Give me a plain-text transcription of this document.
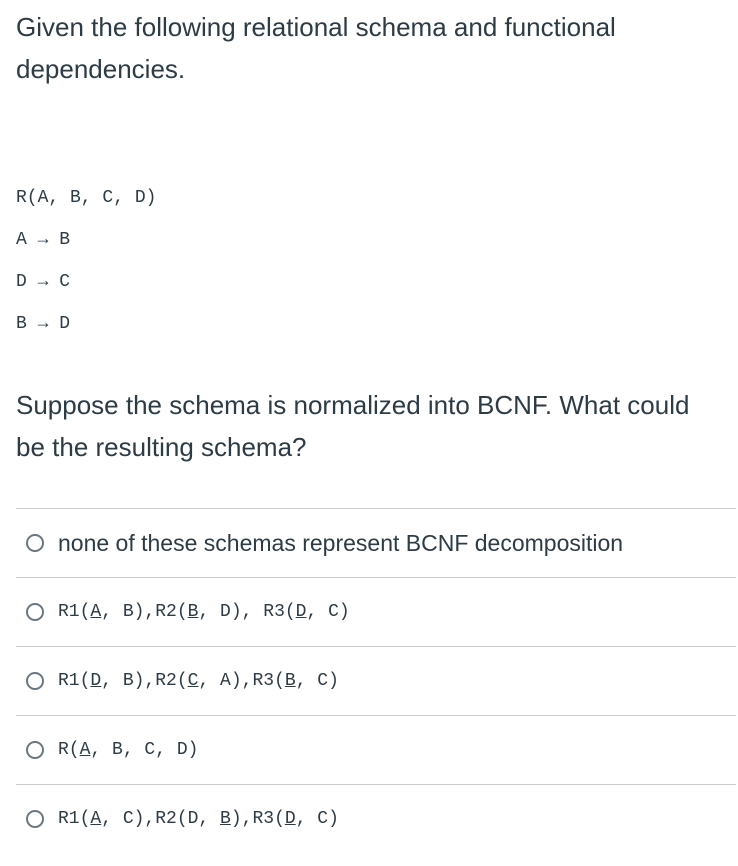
Given the following relational schema and functional dependencies.

R(A, B, C, D)
A → B
D → C
B → D

Suppose the schema is normalized into BCNF. What could be the resulting schema?

none of these schemas represent BCNF decomposition
R1(A, B),R2(B, D), R3(D, C)
R1(D, B),R2(C, A),R3(B, C)
R(A, B, C, D)
R1(A, C),R2(D, B),R3(D, C)
